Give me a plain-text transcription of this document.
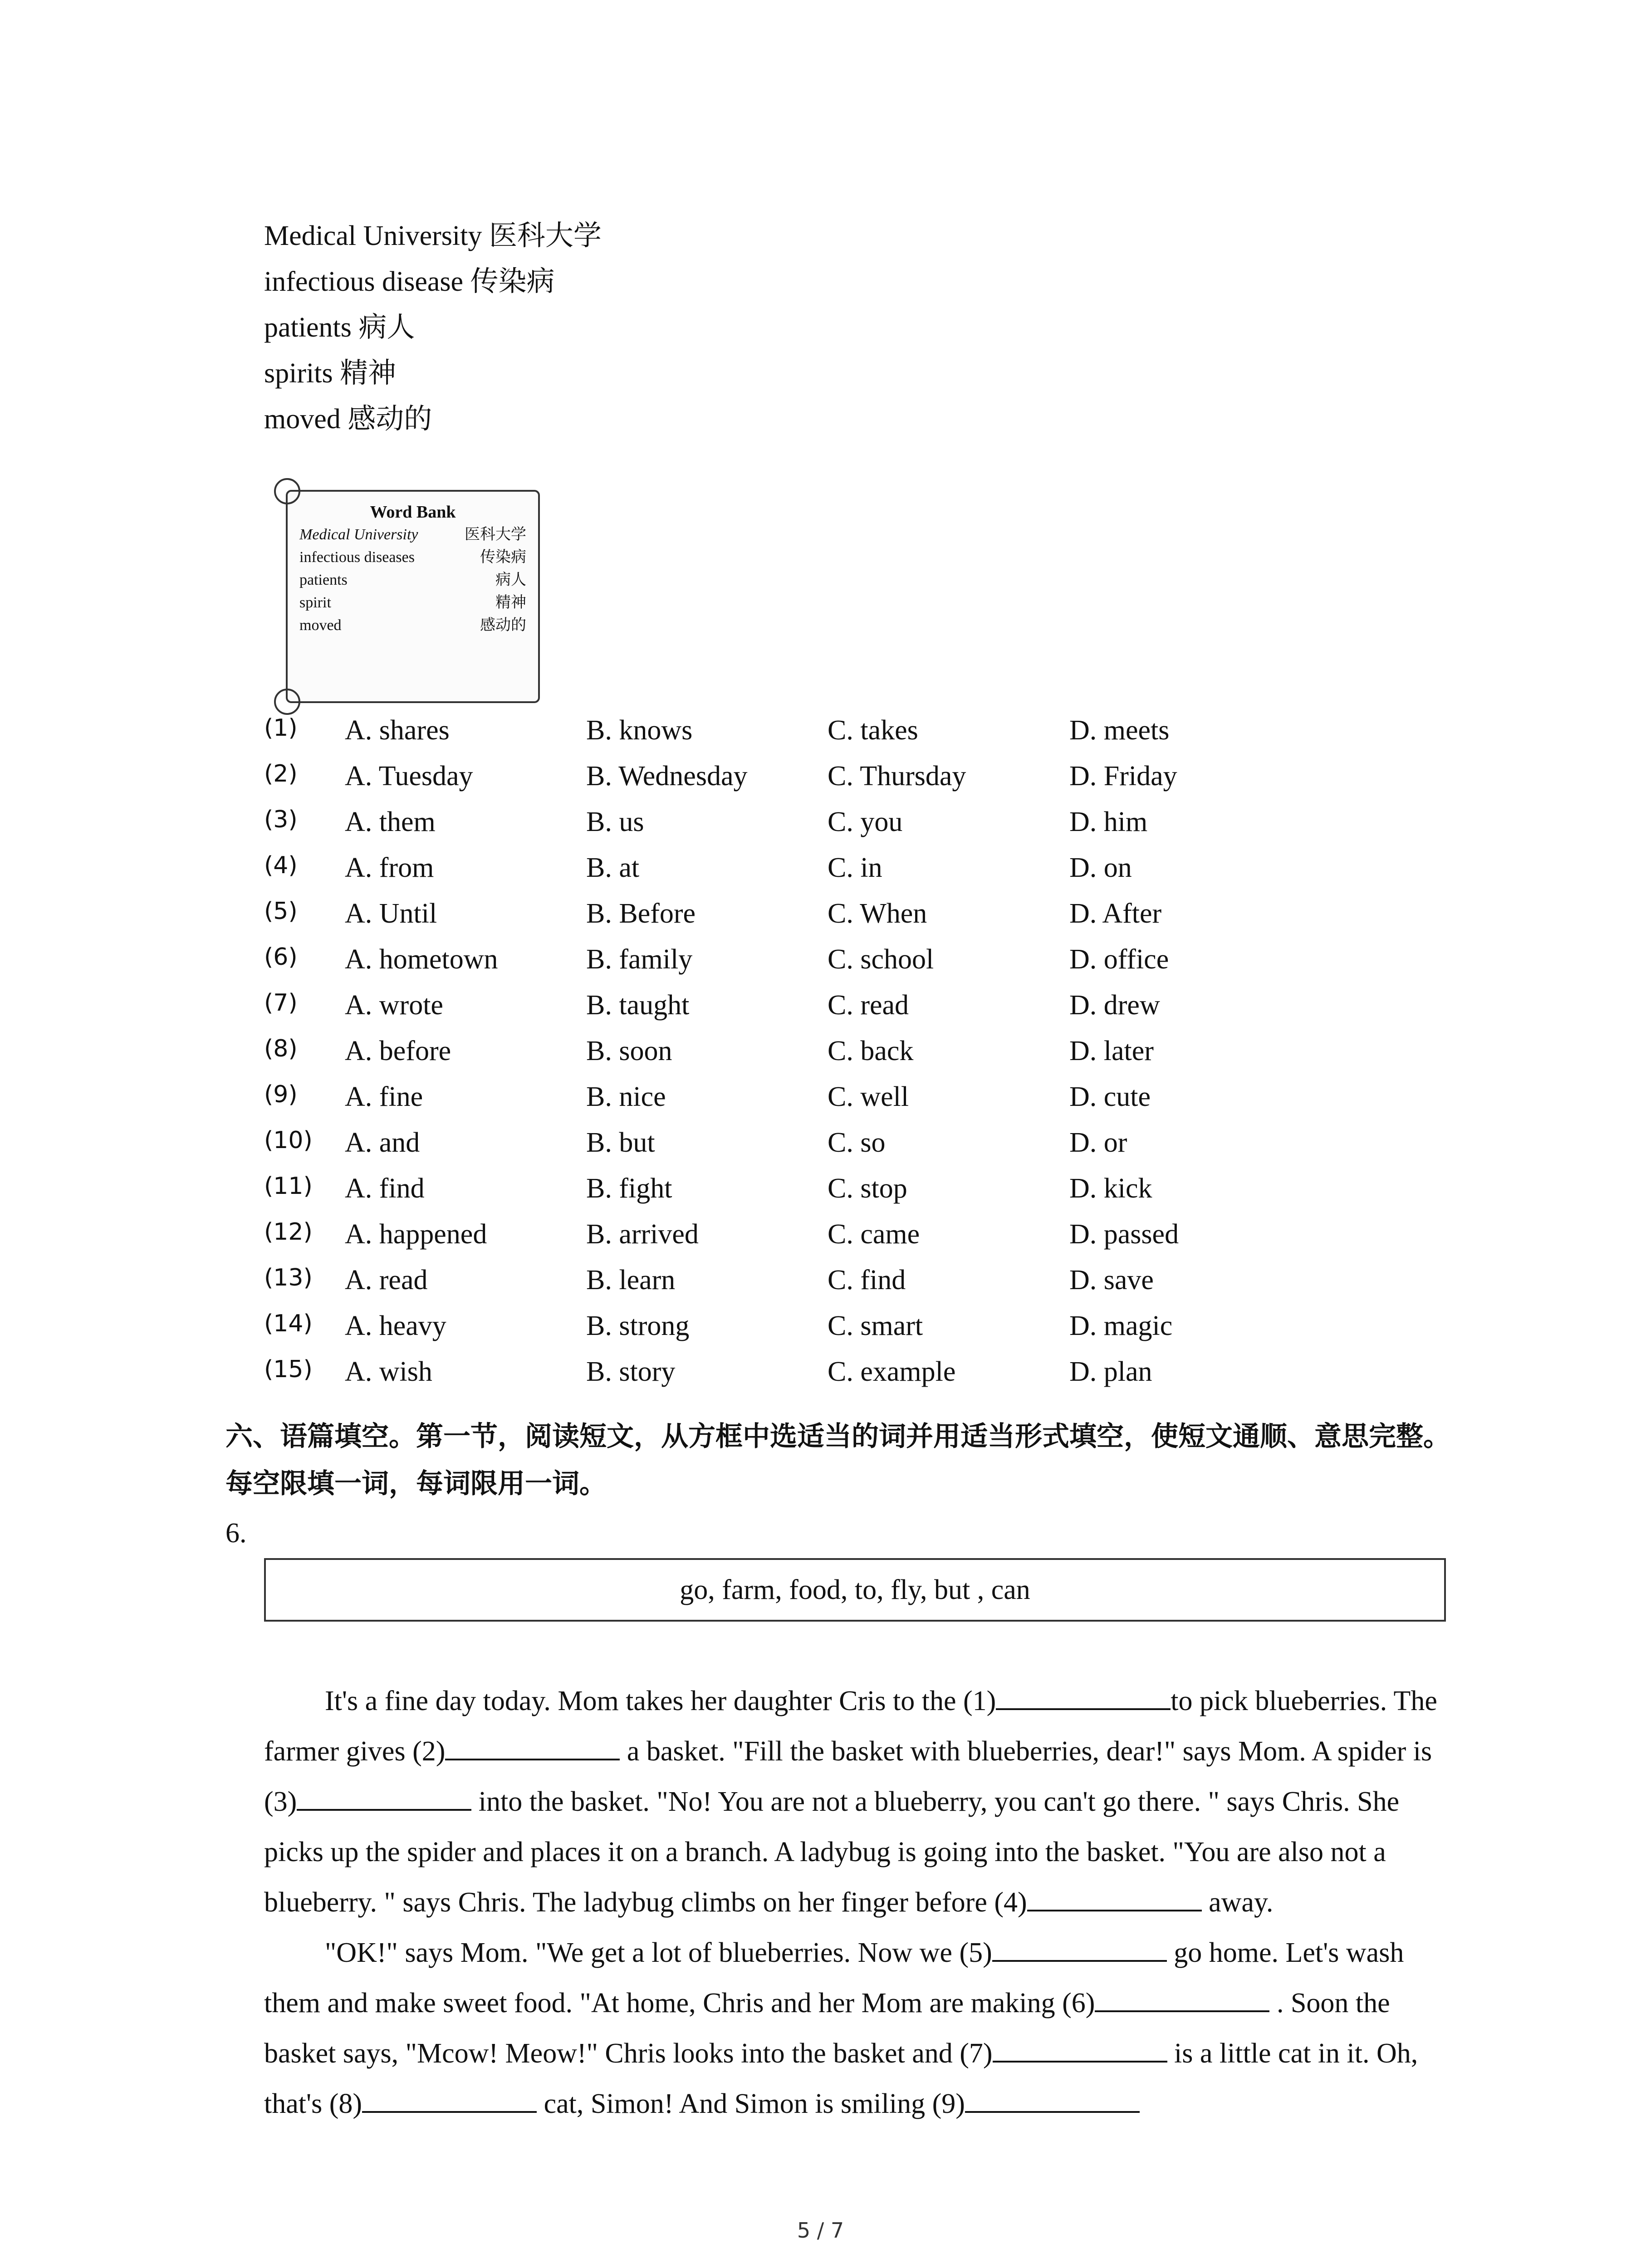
Medical University 医科大学
infectious disease 传染病
patients 病人
spirits 精神
moved 感动的
Word Bank
Medical University	医科大学
infectious diseases	传染病
patients	病人
spirit	精神
moved	感动的
(1) A. shares	B. knows	C. takes	D. meets
(2) A. Tuesday	B. Wednesday	C. Thursday	D. Friday
(3) A. them	B. us	C. you	D. him
(4) A. from	B. at	C. in	D. on
(5) A. Until	B. Before	C. When	D. After
(6) A. hometown	B. family	C. school	D. office
(7) A. wrote	B. taught	C. read	D. drew
(8) A. before	B. soon	C. back	D. later
(9) A. fine	B. nice	C. well	D. cute
(10) A. and	B. but	C. so	D. or
(11) A. find	B. fight	C. stop	D. kick
(12) A. happened	B. arrived	C. came	D. passed
(13) A. read	B. learn	C. find	D. save
(14) A. heavy	B. strong	C. smart	D. magic
(15) A. wish	B. story	C. example	D. plan
六、语篇填空。第一节，阅读短文，从方框中选适当的词并用适当形式填空，使短文通顺、意思完整。每空限填一词，每词限用一词。
6.
go, farm, food, to, fly, but , can

It's a fine day today. Mom takes her daughter Cris to the (1)	to pick blueberries. The farmer gives (2)	a basket. "Fill the basket with blueberries, dear!" says Mom. A spider is (3)	into the basket. "No! You are not a blueberry, you can't go there. " says Chris. She picks up the spider and places it on a branch. A ladybug is going into the basket. "You are also not a blueberry. " says Chris. The ladybug climbs on her finger before (4)	away.

"OK!" says Mom. "We get a lot of blueberries. Now we (5)	go home. Let's wash them and make sweet food. "At home, Chris and her Mom are making (6)	. Soon the basket says, "Mcow! Meow!" Chris looks into the basket and (7)	is a little cat in it. Oh, that's (8)	cat, Simon! And Simon is smiling (9)

5 / 7
